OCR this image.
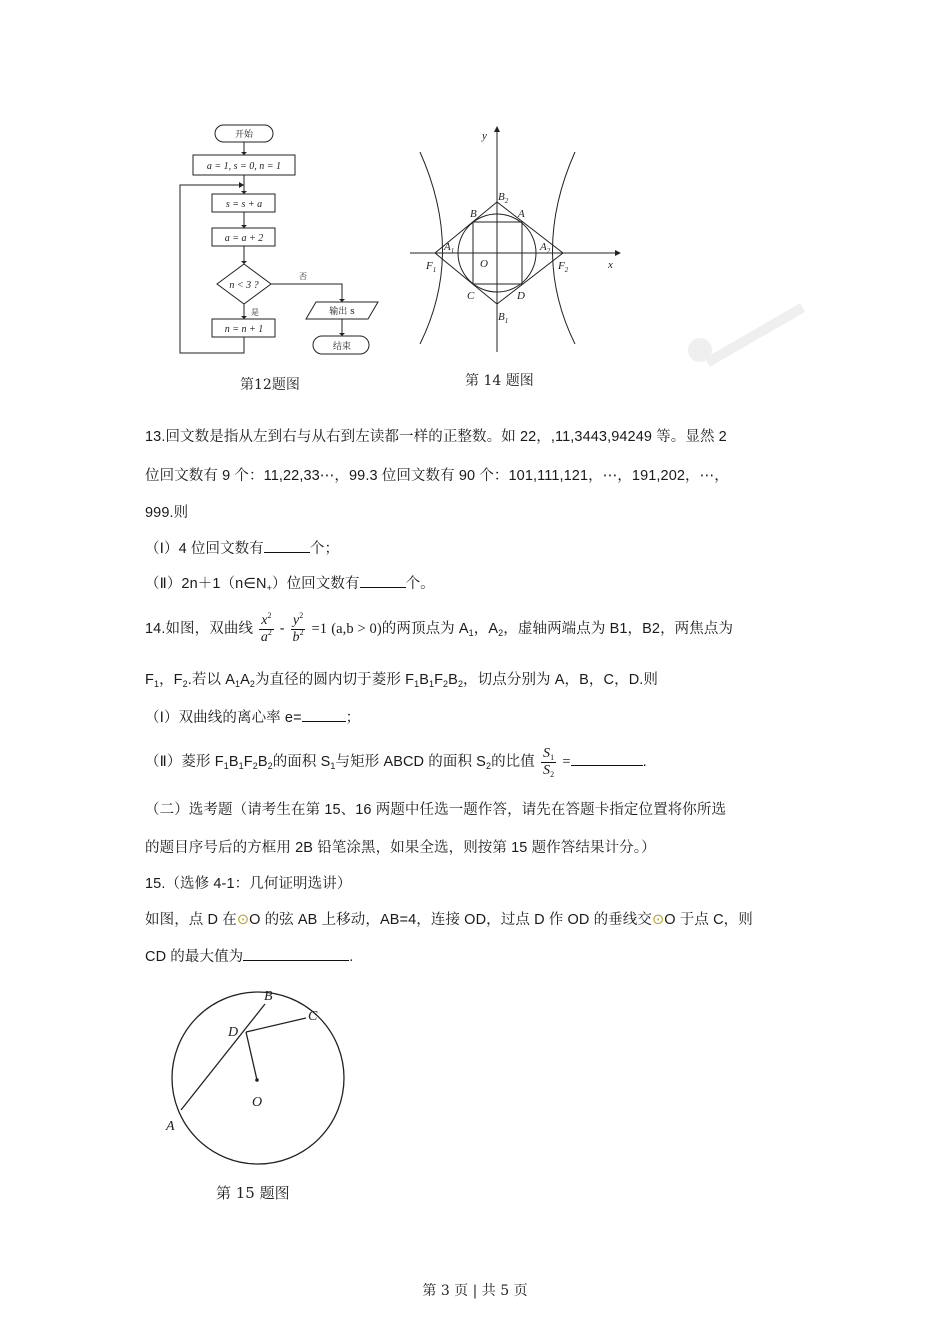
开始
a = 1, s = 0, n = 1
s = s + a
a = a + 2
n < 3 ?
是
否
n = n + 1
输出 s
结束
第12题图
y
x
$B_2$
$B_1$
B	A
C	D
$A_1$	$A_2$
$F_1$	$F_2$
O
第 14 题图
13.回文数是指从左到右与从右到左读都一样的正整数。如 22，,11,3443,94249 等。显然 2
位回文数有 9 个：11,22,33⋯，99.3 位回文数有 90 个：101,111,121，⋯，191,202，⋯，
999.则
（Ⅰ）4 位回文数有	个；
$(Ⅱ)2n+1(n\in N_+)$位回文数有	个。
14.如图，双曲线 $\frac{x^2}{a^2} - \frac{y^2}{b^2} =1$ (a,b > 0)的两顶点为 $A_1$，$A_2$，虚轴两端点为 B1，B2，两焦点为
$F_1$，$F_2$.若以 $A_1A_2$为直径的圆内切于菱形 $F_1B_1F_2B_2$，切点分别为 A，B，C，D.则
（Ⅰ）双曲线的离心率 e=	；
（Ⅱ）菱形 $F_1B_1F_2B_2$的面积 $S_1$与矩形 ABCD 的面积 $S_2$的比值 $\frac{S_1}{S_2}$ =	.
（二）选考题（请考生在第 15、16 两题中任选一题作答，请先在答题卡指定位置将你所选
的题目序号后的方框用 2B 铅笔涂黑，如果全选，则按第 15 题作答结果计分。）
15.（选修 4-1：几何证明选讲）
如图，点 D 在⊙O 的弦 AB 上移动，AB=4，连接 OD，过点 D 作 OD 的垂线交⊙O 于点 C，则
CD 的最大值为	.
B
C
D
O
A
第 15 题图
第 3 页 | 共 5 页
